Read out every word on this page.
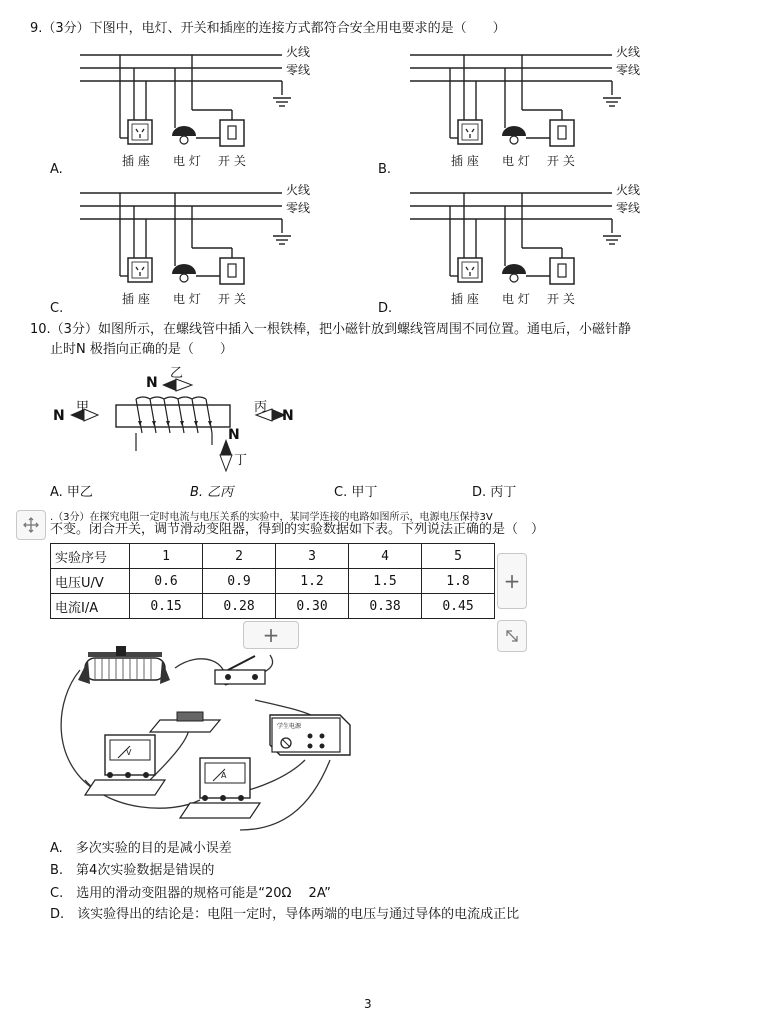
9.（3分）下图中，电灯、开关和插座的连接方式都符合安全用电要求的是（　　）
插 座 电 灯 开 关
火线
零线
A.
插 座 电 灯 开 关
火线
零线
B.
插 座 电 灯 开 关
火线
零线
C.
插 座 电 灯 开 关
火线
零线
D.
10.（3分）如图所示，在螺线管中插入一根铁棒，把小磁针放到螺线管周围不同位置。通电后，小磁针静
止时N 极指向正确的是（　　）
N
甲
N
乙
丙
N
N
丁
A. 甲乙	B. 乙丙	C. 甲丁	D. 丙丁
.（3分）在探究电阻一定时电流与电压关系的实验中，某同学连接的电路如图所示，电源电压保持3V
不变。闭合开关，调节滑动变阻器，得到的实验数据如下表。下列说法正确的是（　）
实验序号	1	2	3	4	5
电压U/V	0.6	0.9	1.2	1.5	1.8
电流I/A	0.15	0.28	0.30	0.38	0.45
+
+
V
A
学生电源
A.　多次实验的目的是减小误差
B.　第4次实验数据是错误的
C.　选用的滑动变阻器的规格可能是“20Ω　 2A”
D.　该实验得出的结论是：电阻一定时，导体两端的电压与通过导体的电流成正比
3
